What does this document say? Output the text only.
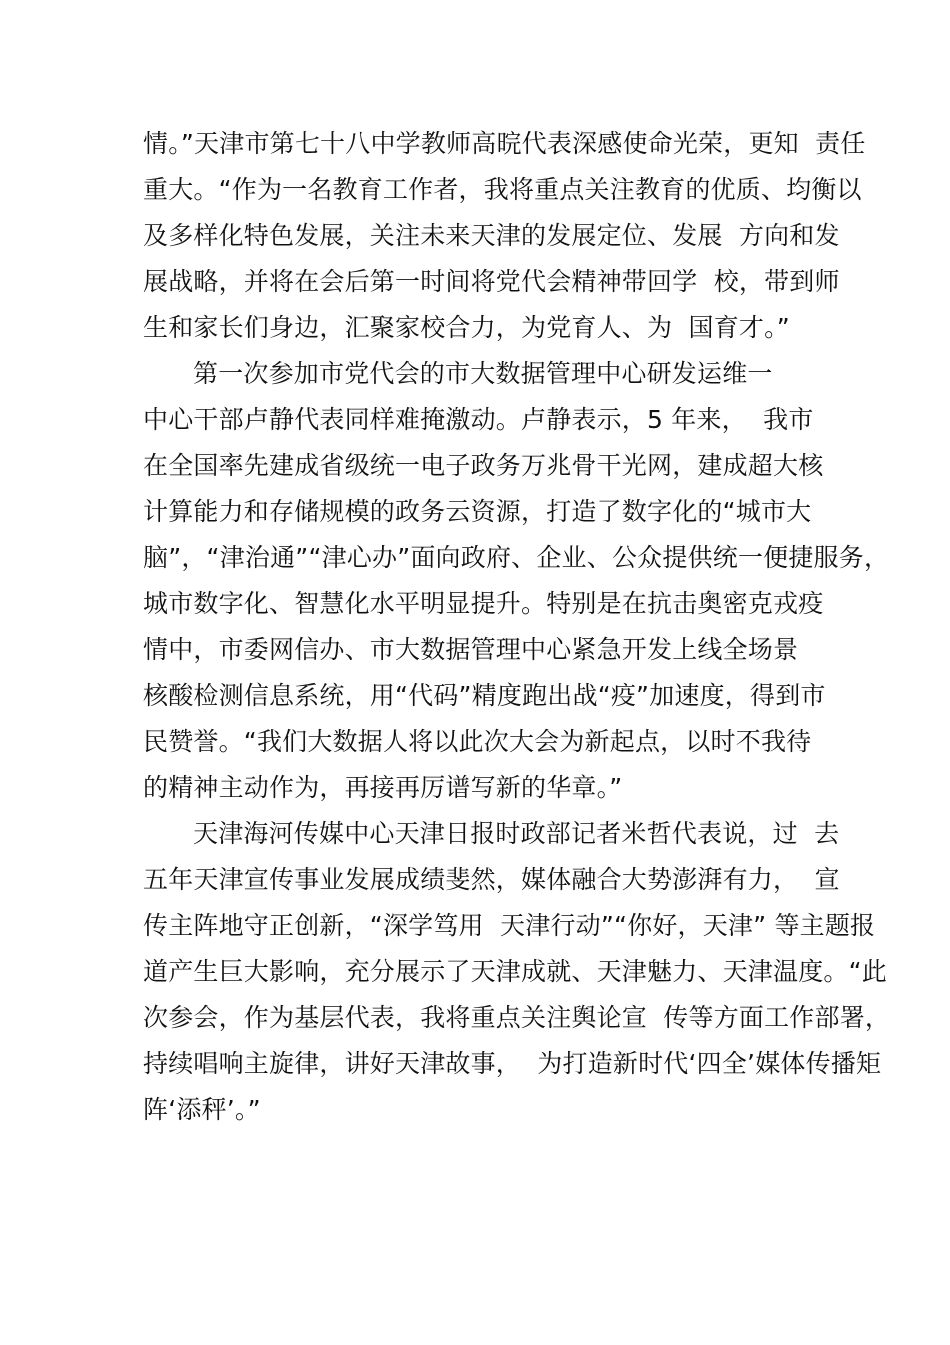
情。”天津市第七十八中学教师高晥代表深感使命光荣，更知  责任
重大。“作为一名教育工作者，我将重点关注教育的优质、均衡以
及多样化特色发展，关注未来天津的发展定位、发展  方向和发
展战略，并将在会后第一时间将党代会精神带回学  校，带到师
生和家长们身边，汇聚家校合力，为党育人、为  国育才。”
第一次参加市党代会的市大数据管理中心研发运维一
中心干部卢静代表同样难掩激动。卢静表示，5 年来，  我市
在全国率先建成省级统一电子政务万兆骨干光网，建成超大核
计算能力和存储规模的政务云资源，打造了数字化的“城市大
脑”，“津治通”“津心办”面向政府、企业、公众提供统一便捷服务，
城市数字化、智慧化水平明显提升。特别是在抗击奥密克戎疫
情中，市委网信办、市大数据管理中心紧急开发上线全场景
核酸检测信息系统，用“代码”精度跑出战“疫”加速度，得到市
民赞誉。“我们大数据人将以此次大会为新起点，以时不我待
的精神主动作为，再接再厉谱写新的华章。”
天津海河传媒中心天津日报时政部记者米哲代表说，过  去
五年天津宣传事业发展成绩斐然，媒体融合大势澎湃有力，  宣
传主阵地守正创新，“深学笃用  天津行动”“你好，天津” 等主题报
道产生巨大影响，充分展示了天津成就、天津魅力、天津温度。“此
次参会，作为基层代表，我将重点关注舆论宣  传等方面工作部署，
持续唱响主旋律，讲好天津故事，  为打造新时代‘四全’媒体传播矩
阵‘添秤’。”
